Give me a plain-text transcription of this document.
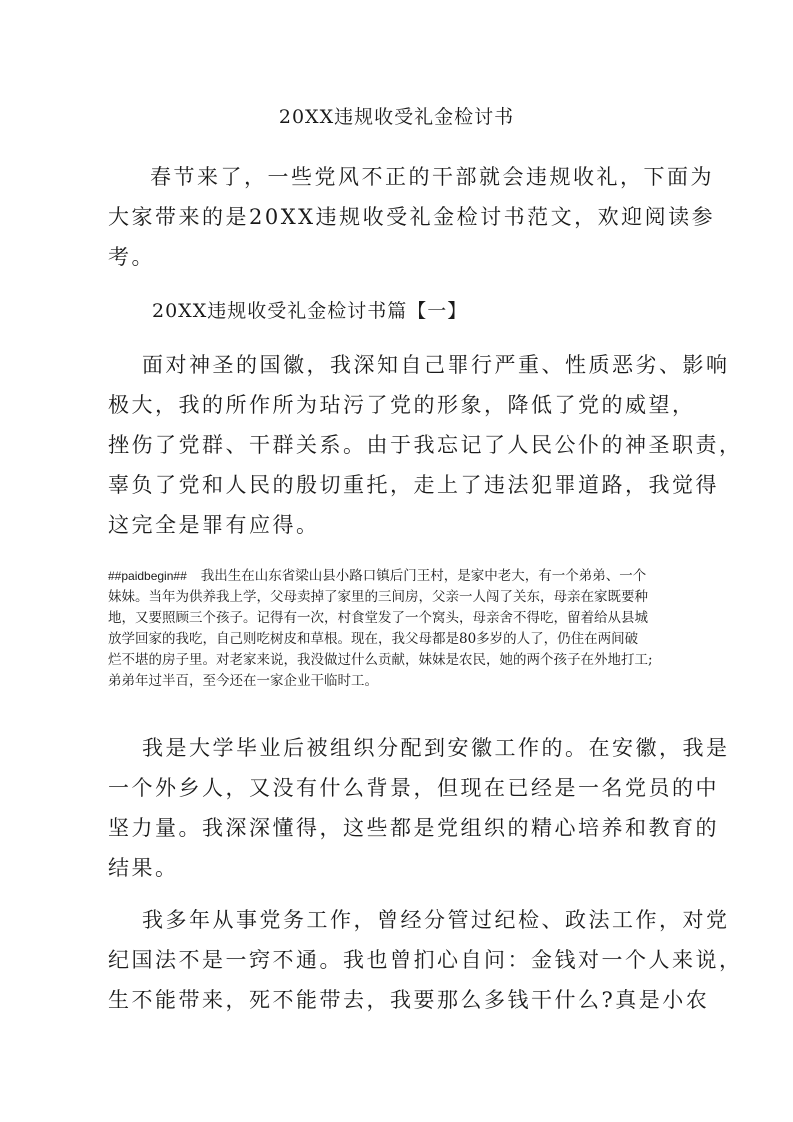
20XX违规收受礼金检讨书
春节来了，一些党风不正的干部就会违规收礼，下面为
大家带来的是20XX违规收受礼金检讨书范文，欢迎阅读参
考。
20XX违规收受礼金检讨书篇【一】
面对神圣的国徽，我深知自己罪行严重、性质恶劣、影响
极大，我的所作所为玷污了党的形象，降低了党的威望，
挫伤了党群、干群关系。由于我忘记了人民公仆的神圣职责，
辜负了党和人民的殷切重托，走上了违法犯罪道路，我觉得
这完全是罪有应得。
##paidbegin## 我出生在山东省梁山县小路口镇后门王村，是家中老大，有一个弟弟、一个
妹妹。当年为供养我上学，父母卖掉了家里的三间房，父亲一人闯了关东，母亲在家既要种
地，又要照顾三个孩子。记得有一次，村食堂发了一个窝头，母亲舍不得吃，留着给从县城
放学回家的我吃，自己则吃树皮和草根。现在，我父母都是80多岁的人了，仍住在两间破
烂不堪的房子里。对老家来说，我没做过什么贡献，妹妹是农民，她的两个孩子在外地打工;
弟弟年过半百，至今还在一家企业干临时工。
我是大学毕业后被组织分配到安徽工作的。在安徽，我是
一个外乡人，又没有什么背景，但现在已经是一名党员的中
坚力量。我深深懂得，这些都是党组织的精心培养和教育的
结果。
我多年从事党务工作，曾经分管过纪检、政法工作，对党
纪国法不是一窍不通。我也曾扪心自问：金钱对一个人来说，
生不能带来，死不能带去，我要那么多钱干什么?真是小农
